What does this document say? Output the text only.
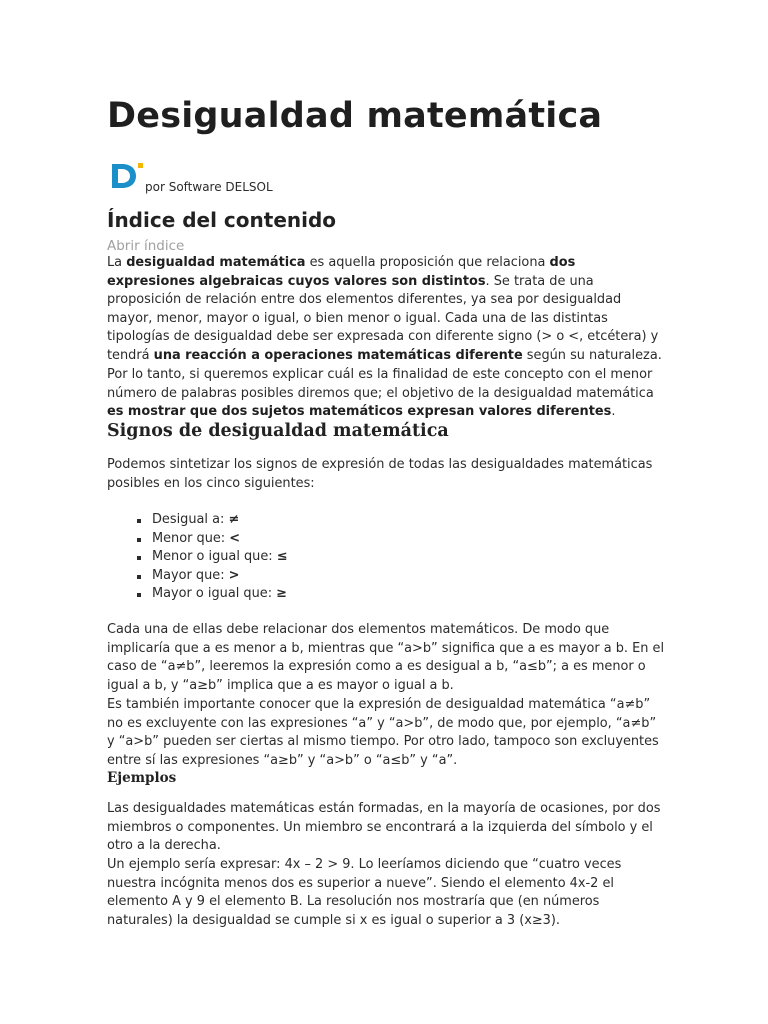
Desigualdad matemática
por Software DELSOL
Índice del contenido
Abrir índice

La desigualdad matemática es aquella proposición que relaciona dos expresiones algebraicas cuyos valores son distintos. Se trata de una proposición de relación entre dos elementos diferentes, ya sea por desigualdad mayor, menor, mayor o igual, o bien menor o igual. Cada una de las distintas tipologías de desigualdad debe ser expresada con diferente signo (> o <, etcétera) y tendrá una reacción a operaciones matemáticas diferente según su naturaleza.

Por lo tanto, si queremos explicar cuál es la finalidad de este concepto con el menor número de palabras posibles diremos que; el objetivo de la desigualdad matemática es mostrar que dos sujetos matemáticos expresan valores diferentes.

Signos de desigualdad matemática

Podemos sintetizar los signos de expresión de todas las desigualdades matemáticas posibles en los cinco siguientes:

Desigual a: ≠
Menor que: <
Menor o igual que: ≤
Mayor que: >
Mayor o igual que: ≥

Cada una de ellas debe relacionar dos elementos matemáticos. De modo que implicaría que a es menor a b, mientras que “a>b” significa que a es mayor a b. En el caso de “a≠b”, leeremos la expresión como a es desigual a b, “a≤b”; a es menor o igual a b, y “a≥b” implica que a es mayor o igual a b.

Es también importante conocer que la expresión de desigualdad matemática “a≠b” no es excluyente con las expresiones “a” y “a>b”, de modo que, por ejemplo, “a≠b” y “a>b” pueden ser ciertas al mismo tiempo. Por otro lado, tampoco son excluyentes entre sí las expresiones “a≥b” y “a>b” o “a≤b” y “a”.

Ejemplos

Las desigualdades matemáticas están formadas, en la mayoría de ocasiones, por dos miembros o componentes. Un miembro se encontrará a la izquierda del símbolo y el otro a la derecha.

Un ejemplo sería expresar: 4x – 2 > 9. Lo leeríamos diciendo que “cuatro veces nuestra incógnita menos dos es superior a nueve”. Siendo el elemento 4x-2 el elemento A y 9 el elemento B. La resolución nos mostraría que (en números naturales) la desigualdad se cumple si x es igual o superior a 3 (x≥3).
